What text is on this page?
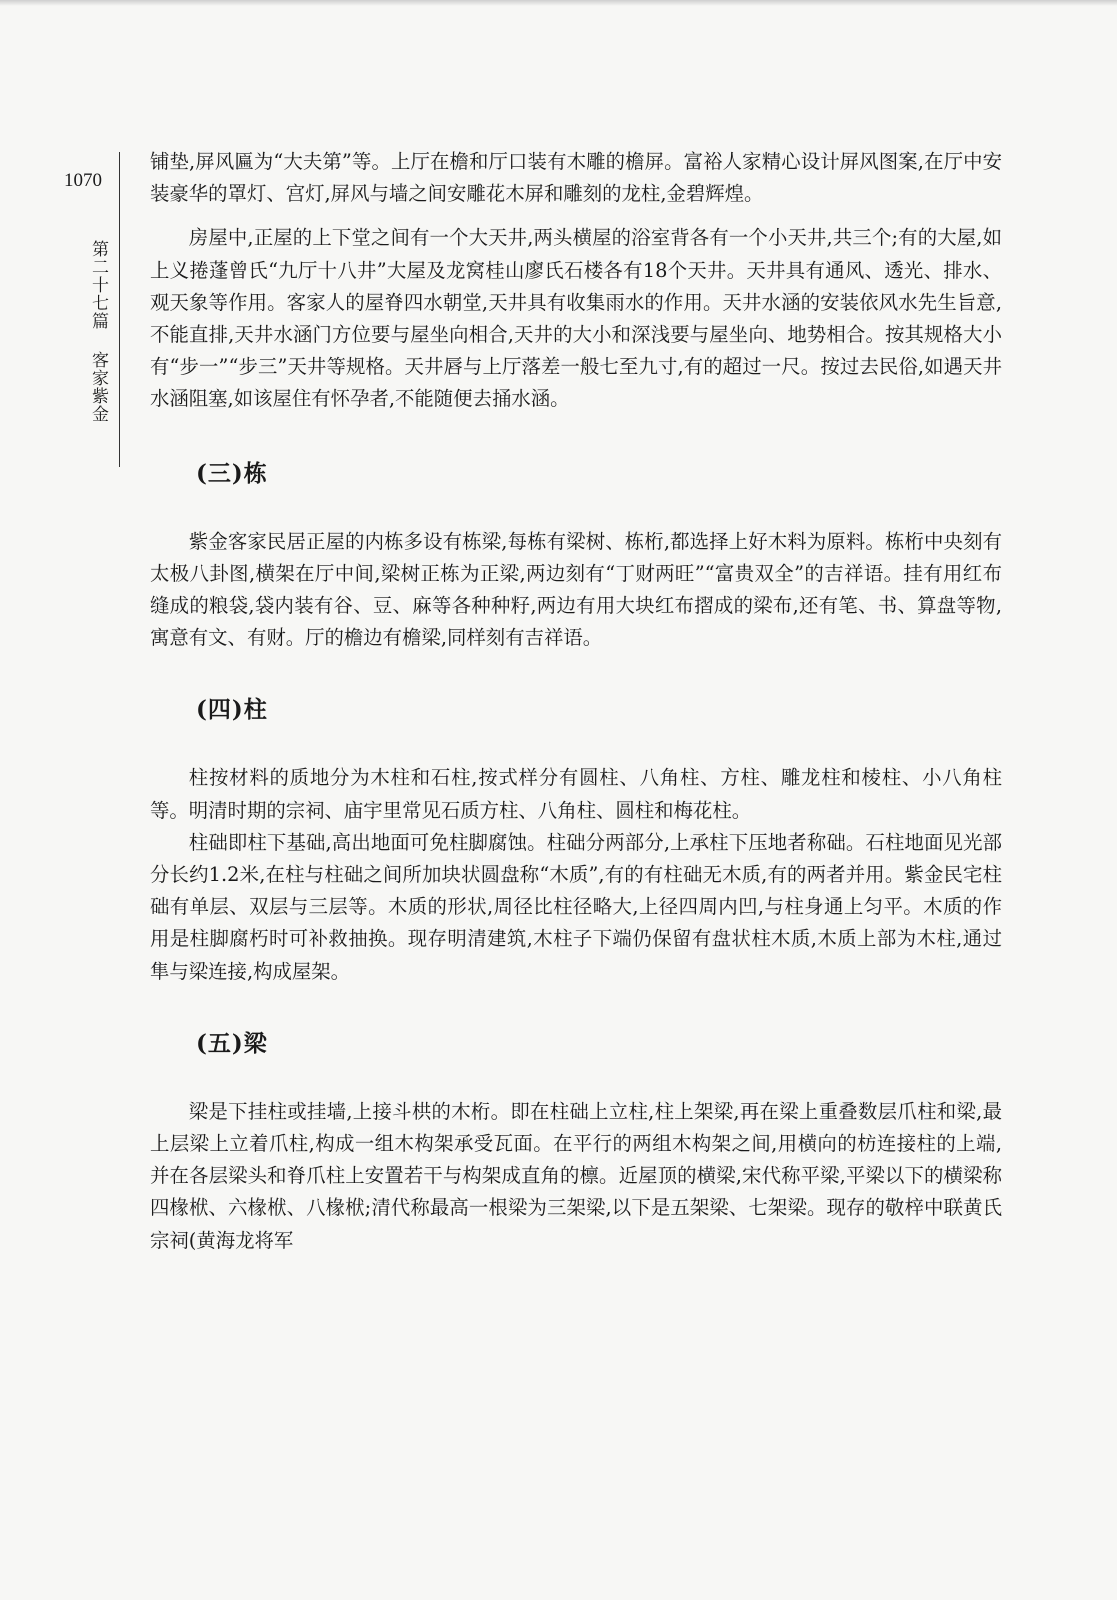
1070
第二十七篇 客家紫金

铺垫,屏风匾为“大夫第”等。上厅在檐和厅口装有木雕的檐屏。富裕人家精心设计屏风图案,在厅中安装豪华的罩灯、宫灯,屏风与墙之间安雕花木屏和雕刻的龙柱,金碧辉煌。

房屋中,正屋的上下堂之间有一个大天井,两头横屋的浴室背各有一个小天井,共三个;有的大屋,如上义捲蓬曾氏“九厅十八井”大屋及龙窝桂山廖氏石楼各有18个天井。天井具有通风、透光、排水、观天象等作用。客家人的屋脊四水朝堂,天井具有收集雨水的作用。天井水涵的安装依风水先生旨意,不能直排,天井水涵门方位要与屋坐向相合,天井的大小和深浅要与屋坐向、地势相合。按其规格大小有“步一”“步三”天井等规格。天井唇与上厅落差一般七至九寸,有的超过一尺。按过去民俗,如遇天井水涵阻塞,如该屋住有怀孕者,不能随便去捅水涵。

(三)栋

紫金客家民居正屋的内栋多设有栋梁,每栋有梁树、栋桁,都选择上好木料为原料。栋桁中央刻有太极八卦图,横架在厅中间,梁树正栋为正梁,两边刻有“丁财两旺”“富贵双全”的吉祥语。挂有用红布缝成的粮袋,袋内装有谷、豆、麻等各种种籽,两边有用大块红布摺成的梁布,还有笔、书、算盘等物,寓意有文、有财。厅的檐边有檐梁,同样刻有吉祥语。

(四)柱

柱按材料的质地分为木柱和石柱,按式样分有圆柱、八角柱、方柱、雕龙柱和棱柱、小八角柱等。明清时期的宗祠、庙宇里常见石质方柱、八角柱、圆柱和梅花柱。

柱础即柱下基础,高出地面可免柱脚腐蚀。柱础分两部分,上承柱下压地者称础。石柱地面见光部分长约1.2米,在柱与柱础之间所加块状圆盘称“木质”,有的有柱础无木质,有的两者并用。紫金民宅柱础有单层、双层与三层等。木质的形状,周径比柱径略大,上径四周内凹,与柱身通上匀平。木质的作用是柱脚腐朽时可补救抽换。现存明清建筑,木柱子下端仍保留有盘状柱木质,木质上部为木柱,通过隼与梁连接,构成屋架。

(五)梁

梁是下挂柱或挂墙,上接斗栱的木桁。即在柱础上立柱,柱上架梁,再在梁上重叠数层爪柱和梁,最上层梁上立着爪柱,构成一组木构架承受瓦面。在平行的两组木构架之间,用横向的枋连接柱的上端,并在各层梁头和脊爪柱上安置若干与构架成直角的檩。近屋顶的横梁,宋代称平梁,平梁以下的横梁称四椽栿、六椽栿、八椽栿;清代称最高一根梁为三架梁,以下是五架梁、七架梁。现存的敬梓中联黄氏宗祠(黄海龙将军
